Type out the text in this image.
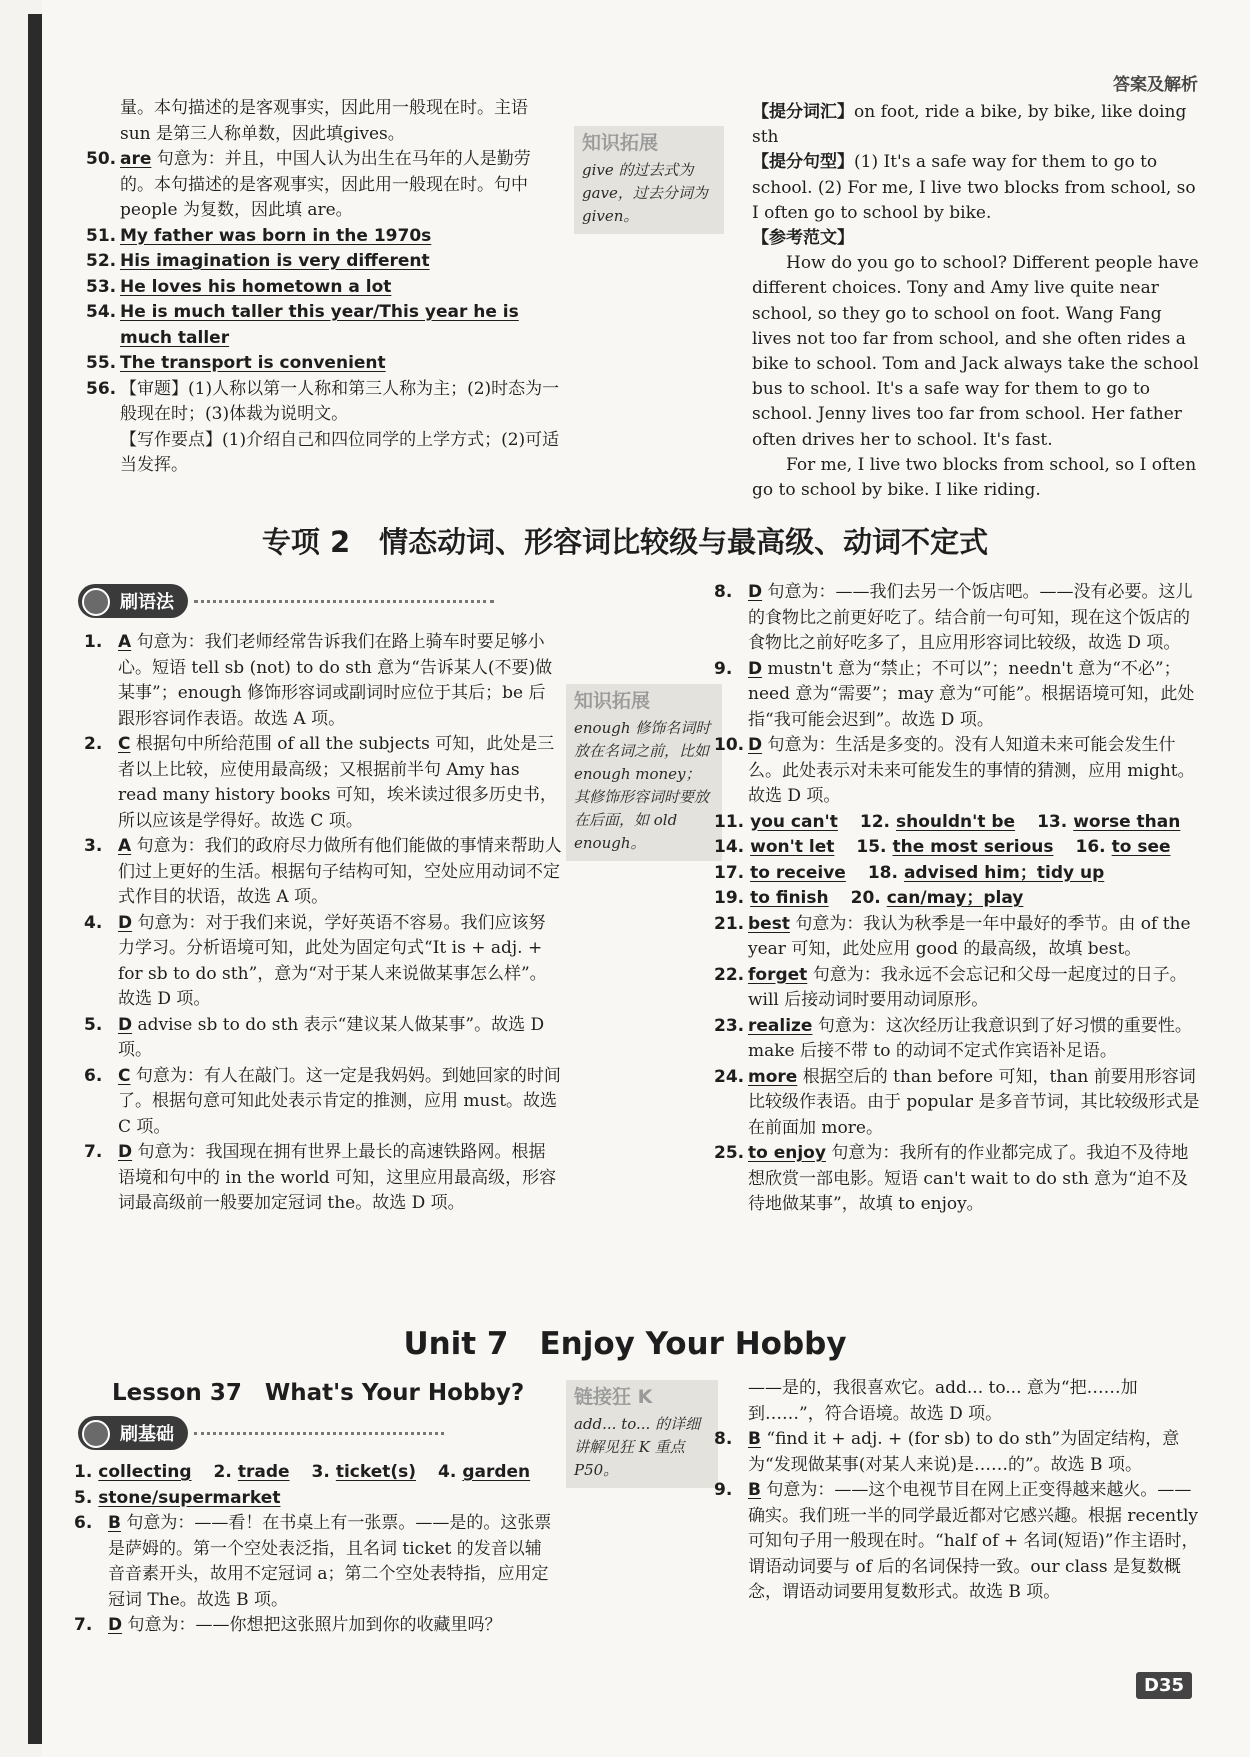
答案及解析

量。本句描述的是客观事实，因此用一般现在时。主语 sun 是第三人称单数，因此填gives。

50. are 句意为：并且，中国人认为出生在马年的人是勤劳的。本句描述的是客观事实，因此用一般现在时。句中 people 为复数，因此填 are。
51. My father was born in the 1970s
52. His imagination is very different
53. He loves his hometown a lot
54. He is much taller this year/This year he is much taller
55. The transport is convenient
56. 【审题】(1)人称以第一人称和第三人称为主；(2)时态为一般现在时；(3)体裁为说明文。
【写作要点】(1)介绍自己和四位同学的上学方式；(2)可适当发挥。
知识拓展
give 的过去式为 gave，过去分词为 given。

【提分词汇】on foot, ride a bike, by bike, like doing sth

【提分句型】(1) It's a safe way for them to go to school. (2) For me, I live two blocks from school, so I often go to school by bike.

【参考范文】

How do you go to school? Different people have different choices. Tony and Amy live quite near school, so they go to school on foot. Wang Fang lives not too far from school, and she often rides a bike to school. Tom and Jack always take the school bus to school. It's a safe way for them to go to school. Jenny lives too far from school. Her father often drives her to school. It's fast.

For me, I live two blocks from school, so I often go to school by bike. I like riding.

专项 2　情态动词、形容词比较级与最高级、动词不定式
刷语法
1. A 句意为：我们老师经常告诉我们在路上骑车时要足够小心。短语 tell sb (not) to do sth 意为“告诉某人(不要)做某事”；enough 修饰形容词或副词时应位于其后；be 后跟形容词作表语。故选 A 项。
2. C 根据句中所给范围 of all the subjects 可知，此处是三者以上比较，应使用最高级；又根据前半句 Amy has read many history books 可知，埃米读过很多历史书，所以应该是学得好。故选 C 项。
3. A 句意为：我们的政府尽力做所有他们能做的事情来帮助人们过上更好的生活。根据句子结构可知，空处应用动词不定式作目的状语，故选 A 项。
4. D 句意为：对于我们来说，学好英语不容易。我们应该努力学习。分析语境可知，此处为固定句式“It is + adj. + for sb to do sth”，意为“对于某人来说做某事怎么样”。故选 D 项。
5. D advise sb to do sth 表示“建议某人做某事”。故选 D 项。
6. C 句意为：有人在敲门。这一定是我妈妈。到她回家的时间了。根据句意可知此处表示肯定的推测，应用 must。故选 C 项。
7. D 句意为：我国现在拥有世界上最长的高速铁路网。根据语境和句中的 in the world 可知，这里应用最高级，形容词最高级前一般要加定冠词 the。故选 D 项。
知识拓展
enough 修饰名词时放在名词之前，比如 enough money；其修饰形容词时要放在后面，如 old enough。
8. D 句意为：——我们去另一个饭店吧。——没有必要。这儿的食物比之前更好吃了。结合前一句可知，现在这个饭店的食物比之前好吃多了，且应用形容词比较级，故选 D 项。
9. D mustn't 意为“禁止；不可以”；needn't 意为“不必”；need 意为“需要”；may 意为“可能”。根据语境可知，此处指“我可能会迟到”。故选 D 项。
10. D 句意为：生活是多变的。没有人知道未来可能会发生什么。此处表示对未来可能发生的事情的猜测，应用 might。故选 D 项。
11. you can't 12. shouldn't be 13. worse than
14. won't let 15. the most serious 16. to see
17. to receive 18. advised him；tidy up
19. to finish 20. can/may；play
21. best 句意为：我认为秋季是一年中最好的季节。由 of the year 可知，此处应用 good 的最高级，故填 best。
22. forget 句意为：我永远不会忘记和父母一起度过的日子。will 后接动词时要用动词原形。
23. realize 句意为：这次经历让我意识到了好习惯的重要性。make 后接不带 to 的动词不定式作宾语补足语。
24. more 根据空后的 than before 可知，than 前要用形容词比较级作表语。由于 popular 是多音节词，其比较级形式是在前面加 more。
25. to enjoy 句意为：我所有的作业都完成了。我迫不及待地想欣赏一部电影。短语 can't wait to do sth 意为“迫不及待地做某事”，故填 to enjoy。
Unit 7　Enjoy Your Hobby
Lesson 37　What's Your Hobby?
刷基础
1. collecting 2. trade 3. ticket(s) 4. garden
5. stone/supermarket
6. B 句意为：——看！在书桌上有一张票。——是的。这张票是萨姆的。第一个空处表泛指，且名词 ticket 的发音以辅音音素开头，故用不定冠词 a；第二个空处表特指，应用定冠词 The。故选 B 项。
7. D 句意为：——你想把这张照片加到你的收藏里吗？
链接狂 K
add... to... 的详细讲解见狂 K 重点 P50。

——是的，我很喜欢它。add... to... 意为“把……加到……”，符合语境。故选 D 项。

8. B “find it + adj. + (for sb) to do sth”为固定结构，意为“发现做某事(对某人来说)是……的”。故选 B 项。
9. B 句意为：——这个电视节目在网上正变得越来越火。——确实。我们班一半的同学最近都对它感兴趣。根据 recently 可知句子用一般现在时。“half of + 名词(短语)”作主语时，谓语动词要与 of 后的名词保持一致。our class 是复数概念，谓语动词要用复数形式。故选 B 项。
D35
